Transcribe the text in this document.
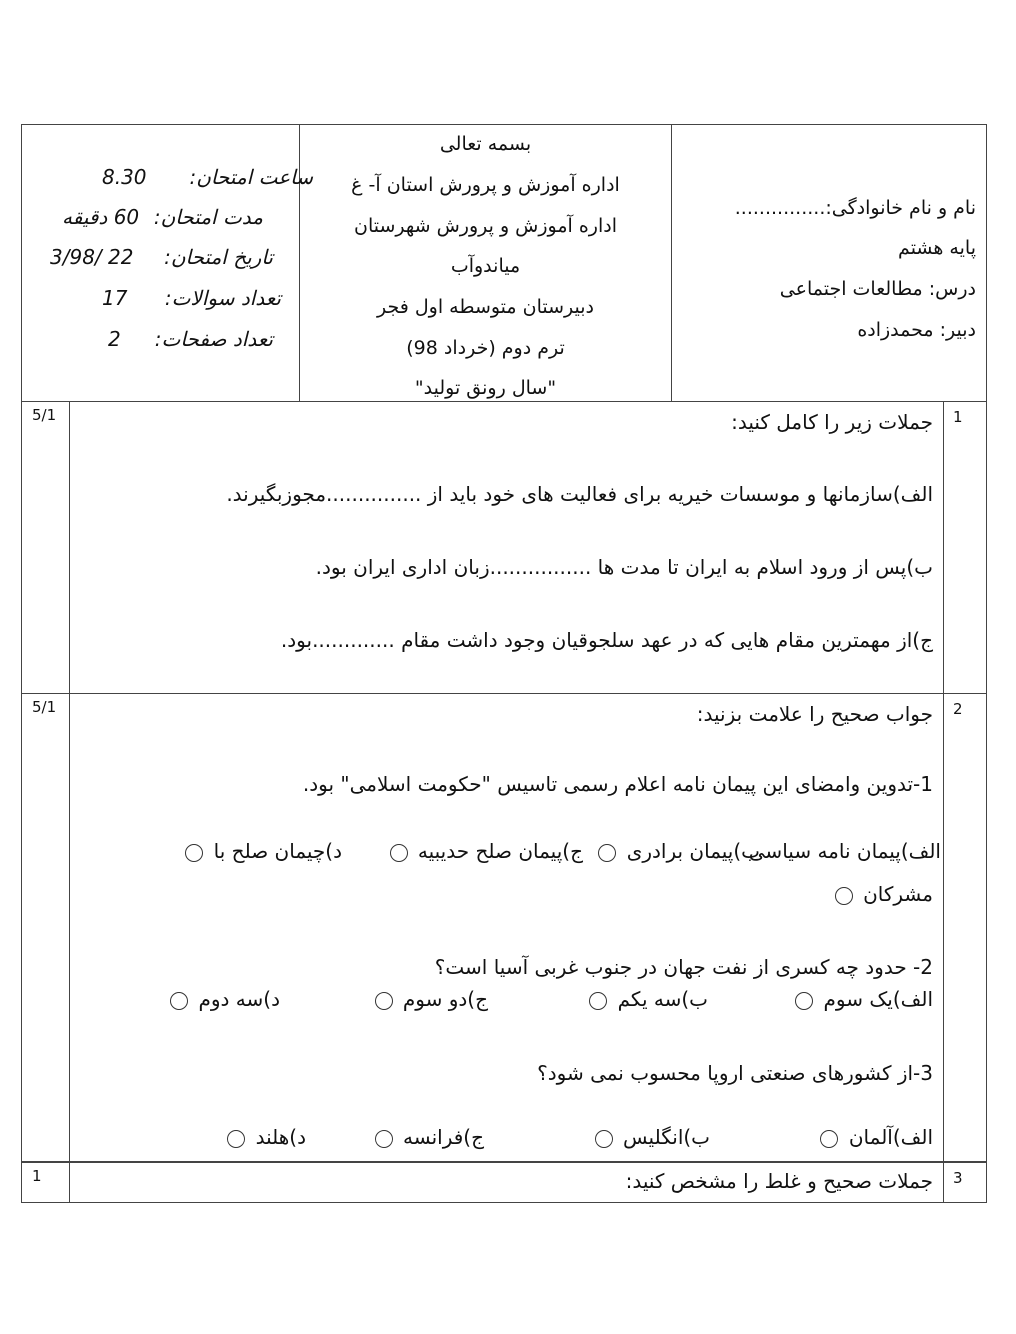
ساعت امتحان:
8.30
مدت امتحان:
60 دقیقه
تاریخ امتحان:
22 /3/98
تعداد سوالات:
17
تعداد صفحات:
2
بسمه تعالی
اداره آموزش و پرورش استان آ- غ
اداره آموزش و پرورش شهرستان
میاندوآب
دبیرستان متوسطه اول فجر
ترم دوم (خرداد 98)
"سال رونق تولید"
نام و نام خانوادگی:...............
پایه هشتم
درس: مطالعات اجتماعی
دبیر: محمدزاده
5/1	1
جملات زیر را کامل کنید:
الف)سازمانها و موسسات خیریه برای فعالیت های خود باید از ...............مجوزبگیرند.
ب)پس از ورود اسلام به ایران تا مدت ها ................زبان اداری ایران بود.
ج)از مهمترین مقام هایی که در عهد سلجوقیان وجود داشت مقام .............بود.
5/1	2
جواب صحیح را علامت بزنید:
1-تدوین وامضای این پیمان نامه اعلام رسمی تاسیس "حکومت اسلامی" بود.
الف)پیمان نامه سیاسی
ب)پیمان برادری
ج)پیمان صلح حدیبیه
د)چیمان صلح با
مشرکان
2- حدود چه کسری از نفت جهان در جنوب غربی آسیا است؟
الف)یک سوم
ب)سه یکم
ج)دو سوم
د)سه دوم
3-از کشورهای صنعتی اروپا محسوب نمی شود؟
الف)آلمان
ب)انگلیس
ج)فرانسه
د)هلند
1	3
جملات صحیح و غلط را مشخص کنید:
